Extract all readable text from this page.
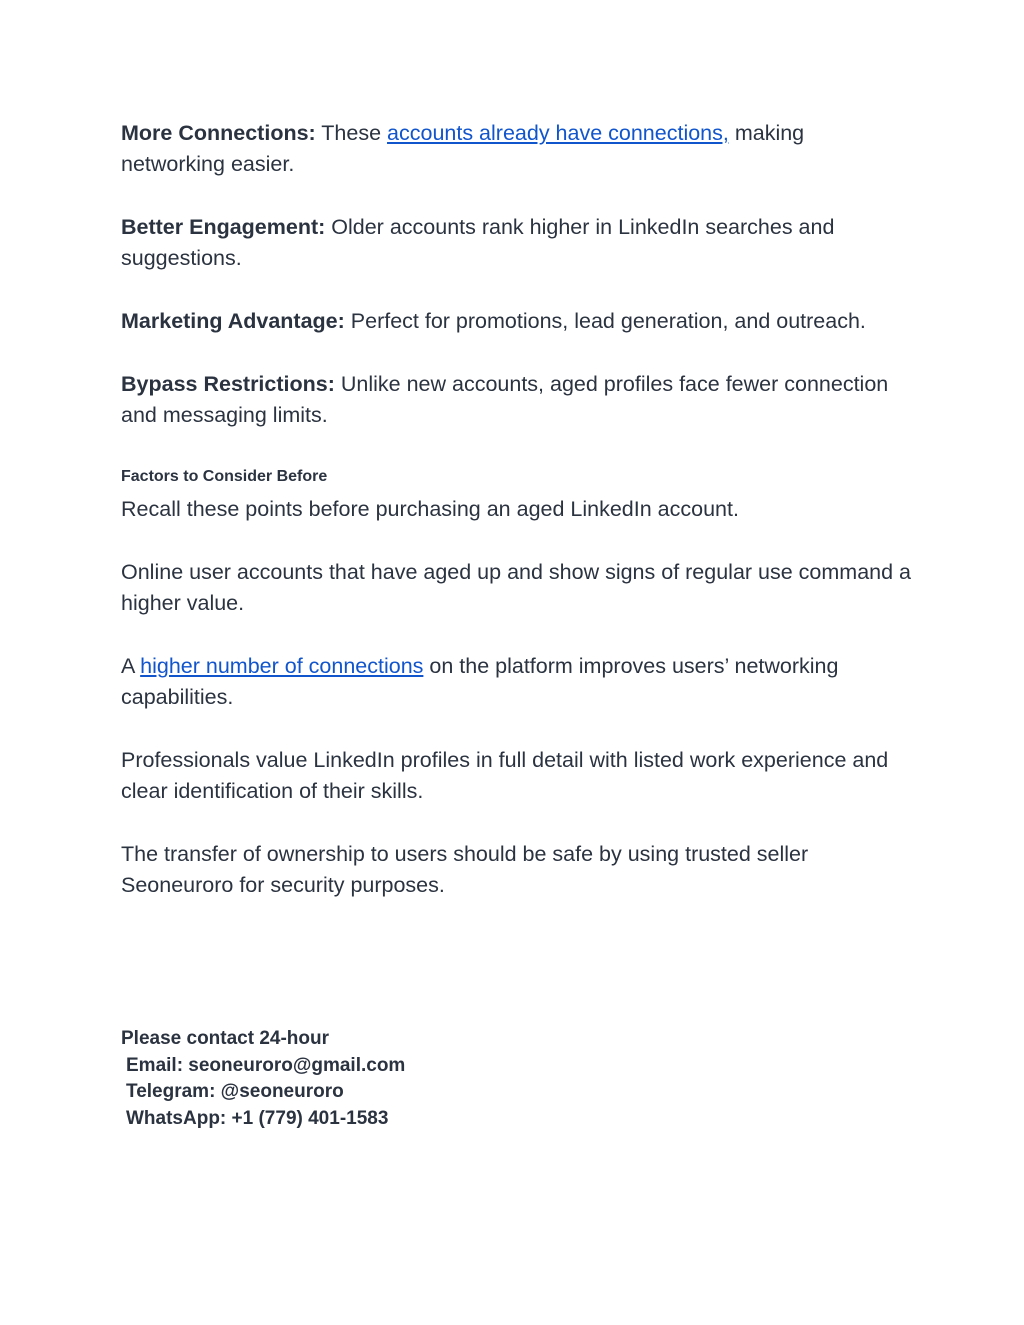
More Connections: These accounts already have connections, making networking easier.

Better Engagement: Older accounts rank higher in LinkedIn searches and suggestions.

Marketing Advantage: Perfect for promotions, lead generation, and outreach.

Bypass Restrictions: Unlike new accounts, aged profiles face fewer connection and messaging limits.

Factors to Consider Before

Recall these points before purchasing an aged LinkedIn account.

Online user accounts that have aged up and show signs of regular use command a higher value.

A higher number of connections on the platform improves users’ networking capabilities.

Professionals value LinkedIn profiles in full detail with listed work experience and clear identification of their skills.

The transfer of ownership to users should be safe by using trusted seller Seoneuroro for security purposes.

Please contact 24-hour
Email: seoneuroro@gmail.com
Telegram: @seoneuroro
WhatsApp: +1 (779) 401-1583
